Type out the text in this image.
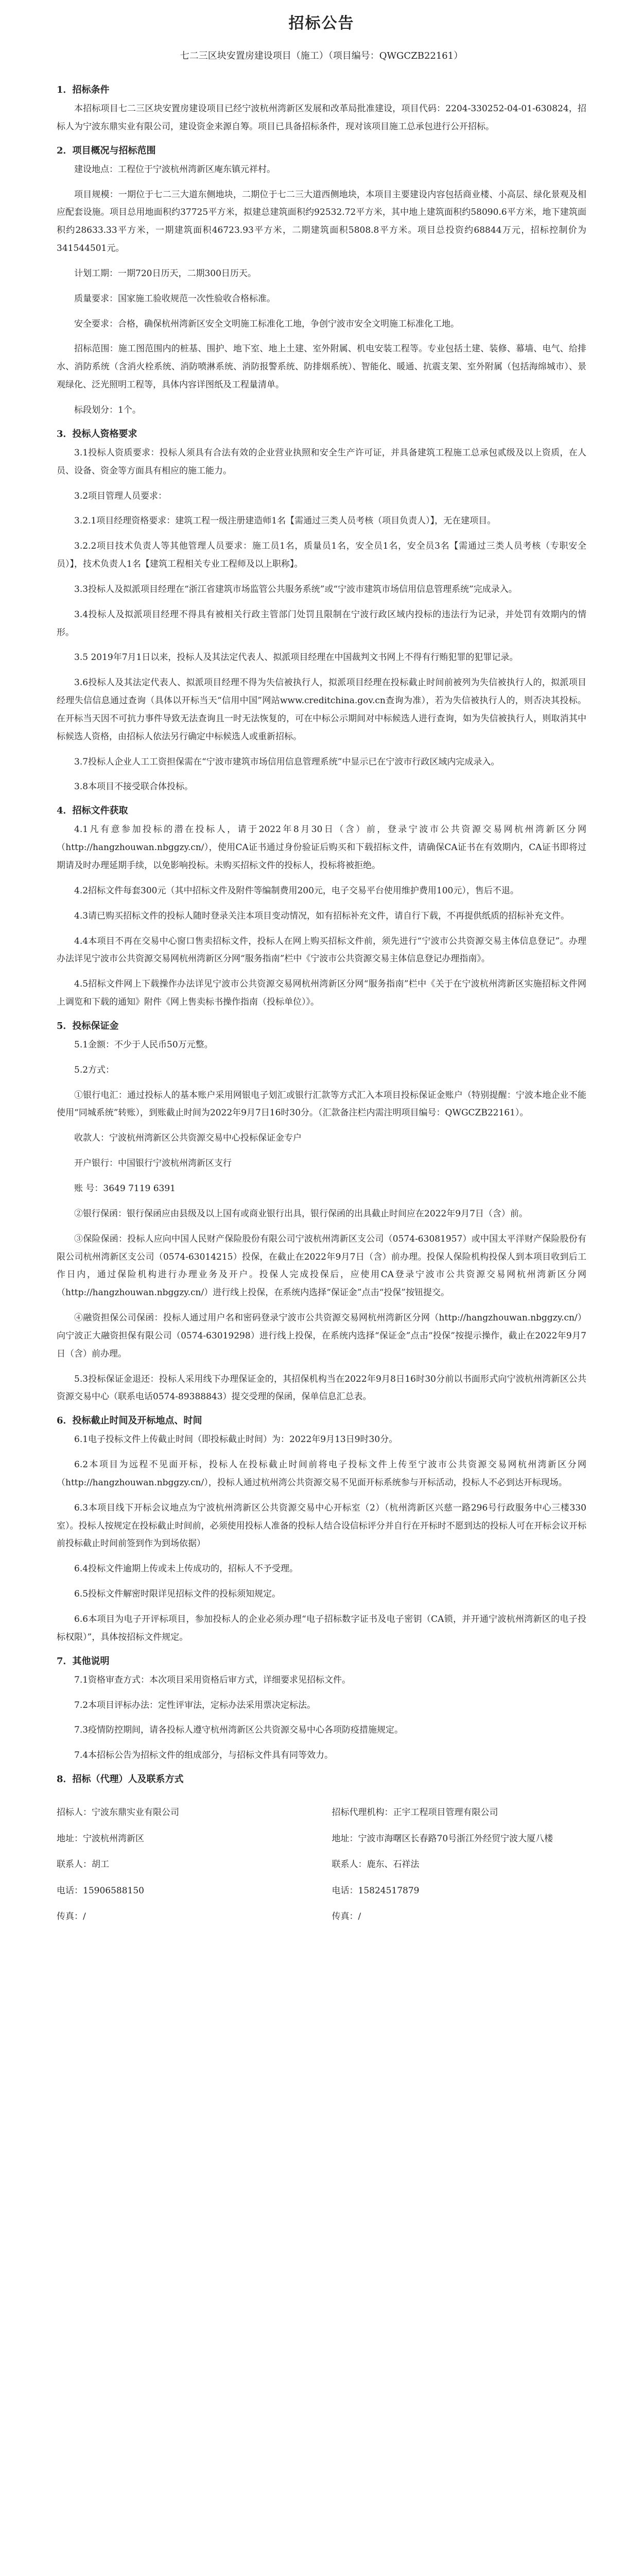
招标公告
七二三区块安置房建设项目（施工）（项目编号：QWGCZB22161）
1．招标条件

本招标项目七二三区块安置房建设项目已经宁波杭州湾新区发展和改革局批准建设，项目代码：2204-330252-04-01-630824，招标人为宁波东鼎实业有限公司，建设资金来源自筹。项目已具备招标条件，现对该项目施工总承包进行公开招标。

2．项目概况与招标范围

建设地点：工程位于宁波杭州湾新区庵东镇元祥村。

项目规模：一期位于七二三大道东侧地块，二期位于七二三大道西侧地块，本项目主要建设内容包括商业楼、小高层、绿化景观及相应配套设施。项目总用地面积约37725平方米，拟建总建筑面积约92532.72平方米，其中地上建筑面积约58090.6平方米，地下建筑面积约28633.33平方米，一期建筑面积46723.93平方米，二期建筑面积5808.8平方米。项目总投资约68844万元，招标控制价为341544501元。

计划工期：一期720日历天，二期300日历天。

质量要求：国家施工验收规范一次性验收合格标准。

安全要求：合格，确保杭州湾新区安全文明施工标准化工地，争创宁波市安全文明施工标准化工地。

招标范围：施工图范围内的桩基、围护、地下室、地上土建、室外附属、机电安装工程等。专业包括土建、装修、幕墙、电气、给排水、消防系统（含消火栓系统、消防喷淋系统、消防报警系统、防排烟系统）、智能化、暖通、抗震支架、室外附属（包括海绵城市）、景观绿化、泛光照明工程等，具体内容详图纸及工程量清单。

标段划分：1个。

3．投标人资格要求

3.1投标人资质要求：投标人须具有合法有效的企业营业执照和安全生产许可证，并具备建筑工程施工总承包贰级及以上资质，在人员、设备、资金等方面具有相应的施工能力。

3.2项目管理人员要求：

3.2.1项目经理资格要求：建筑工程一级注册建造师1名【需通过三类人员考核（项目负责人）】，无在建项目。

3.2.2项目技术负责人等其他管理人员要求：施工员1名，质量员1名，安全员1名，安全员3名【需通过三类人员考核（专职安全员）】，技术负责人1名【建筑工程相关专业工程师及以上职称】。

3.3投标人及拟派项目经理在“浙江省建筑市场监管公共服务系统”或“宁波市建筑市场信用信息管理系统”完成录入。

3.4投标人及拟派项目经理不得具有被相关行政主管部门处罚且限制在宁波行政区域内投标的违法行为记录，并处罚有效期内的情形。

3.5 2019年7月1日以来，投标人及其法定代表人、拟派项目经理在中国裁判文书网上不得有行贿犯罪的犯罪记录。

3.6投标人及其法定代表人、拟派项目经理不得为失信被执行人，拟派项目经理在投标截止时间前被列为失信被执行人的，拟派项目经理失信信息通过查询（具体以开标当天“信用中国”网站www.creditchina.gov.cn查询为准），若为失信被执行人的，则否决其投标。在开标当天因不可抗力事件导致无法查询且一时无法恢复的，可在中标公示期间对中标候选人进行查询，如为失信被执行人，则取消其中标候选人资格，由招标人依法另行确定中标候选人或重新招标。

3.7投标人企业人工工资担保需在“宁波市建筑市场信用信息管理系统”中显示已在宁波市行政区域内完成录入。

3.8本项目不接受联合体投标。

4．招标文件获取

4.1凡有意参加投标的潜在投标人，请于2022年8月30日（含）前，登录宁波市公共资源交易网杭州湾新区分网（http://hangzhouwan.nbggzy.cn/），使用CA证书通过身份验证后购买和下载招标文件，请确保CA证书在有效期内，CA证书即将过期请及时办理延期手续，以免影响投标。未购买招标文件的投标人，投标将被拒绝。

4.2招标文件每套300元（其中招标文件及附件等编制费用200元，电子交易平台使用维护费用100元），售后不退。

4.3请已购买招标文件的投标人随时登录关注本项目变动情况，如有招标补充文件，请自行下载，不再提供纸质的招标补充文件。

4.4本项目不再在交易中心窗口售卖招标文件，投标人在网上购买招标文件前，须先进行“宁波市公共资源交易主体信息登记”。办理办法详见宁波市公共资源交易网杭州湾新区分网“服务指南”栏中《宁波市公共资源交易主体信息登记办理指南》。

4.5招标文件网上下载操作办法详见宁波市公共资源交易网杭州湾新区分网“服务指南”栏中《关于在宁波杭州湾新区实施招标文件网上调览和下载的通知》附件《网上售卖标书操作指南（投标单位）》。

5．投标保证金

5.1金额：不少于人民币50万元整。

5.2方式：

①银行电汇：通过投标人的基本账户采用网银电子划汇或银行汇款等方式汇入本项目投标保证金账户（特别提醒：宁波本地企业不能使用“同城系统”转账），到账截止时间为2022年9月7日16时30分。（汇款备注栏内需注明项目编号：QWGCZB22161）。

收款人：宁波杭州湾新区公共资源交易中心投标保证金专户

开户银行：中国银行宁波杭州湾新区支行

账 号：3649 7119 6391

②银行保函：银行保函应由县级及以上国有或商业银行出具，银行保函的出具截止时间应在2022年9月7日（含）前。

③保险保函：投标人应向中国人民财产保险股份有限公司宁波杭州湾新区支公司（0574-63081957）或中国太平洋财产保险股份有限公司杭州湾新区支公司（0574-63014215）投保，在截止在2022年9月7日（含）前办理。投保人保险机构投保人到本项目收到后工作日内，通过保险机构进行办理业务及开户。投保人完成投保后，应使用CA登录宁波市公共资源交易网杭州湾新区分网（http://hangzhouwan.nbggzy.cn/）进行线上投保，在系统内选择“保证金”点击“投保”按钮提交。

④融资担保公司保函：投标人通过用户名和密码登录宁波市公共资源交易网杭州湾新区分网（http://hangzhouwan.nbggzy.cn/）向宁波正大融资担保有限公司（0574-63019298）进行线上投保，在系统内选择“保证金”点击“投保”按提示操作，截止在2022年9月7日（含）前办理。

5.3投标保证金退还：投标人采用线下办理保证金的，其招保机构当在2022年9月8日16时30分前以书面形式向宁波杭州湾新区公共资源交易中心（联系电话0574-89388843）提交受理的保函，保单信息汇总表。

6．投标截止时间及开标地点、时间

6.1电子投标文件上传截止时间（即投标截止时间）为：2022年9月13日9时30分。

6.2本项目为远程不见面开标，投标人在投标截止时间前将电子投标文件上传至宁波市公共资源交易网杭州湾新区分网（http://hangzhouwan.nbggzy.cn/），投标人通过杭州湾公共资源交易不见面开标系统参与开标活动，投标人不必到达开标现场。

6.3本项目线下开标会议地点为宁波杭州湾新区公共资源交易中心开标室（2）（杭州湾新区兴慈一路296号行政服务中心三楼330室）。投标人按规定在投标截止时间前，必须使用投标人准备的投标人结合设信标评分并自行在开标时不愿到达的投标人可在开标会议开标前投标截止时间前签到作为到场依据）

6.4投标文件逾期上传或未上传成功的，招标人不予受理。

6.5投标文件解密时限详见招标文件的投标须知规定。

6.6本项目为电子开评标项目，参加投标人的企业必须办理“电子招标数字证书及电子密钥（CA锁，并开通宁波杭州湾新区的电子投标权限）”，具体按招标文件规定。

7．其他说明

7.1资格审查方式：本次项目采用资格后审方式，详细要求见招标文件。

7.2本项目评标办法：定性评审法，定标办法采用票决定标法。

7.3疫情防控期间，请各投标人遵守杭州湾新区公共资源交易中心各项防疫措施规定。

7.4本招标公告为招标文件的组成部分，与招标文件具有同等效力。

8．招标（代理）人及联系方式
招标人：宁波东鼎实业有限公司	招标代理机构：正宇工程项目管理有限公司
地址：宁波杭州湾新区	地址：宁波市海曙区长春路70号浙江外经贸宁波大厦八楼
联系人：胡工	联系人：鹿东、石祥法
电话：15906588150	电话：15824517879
传真：/	传真：/
